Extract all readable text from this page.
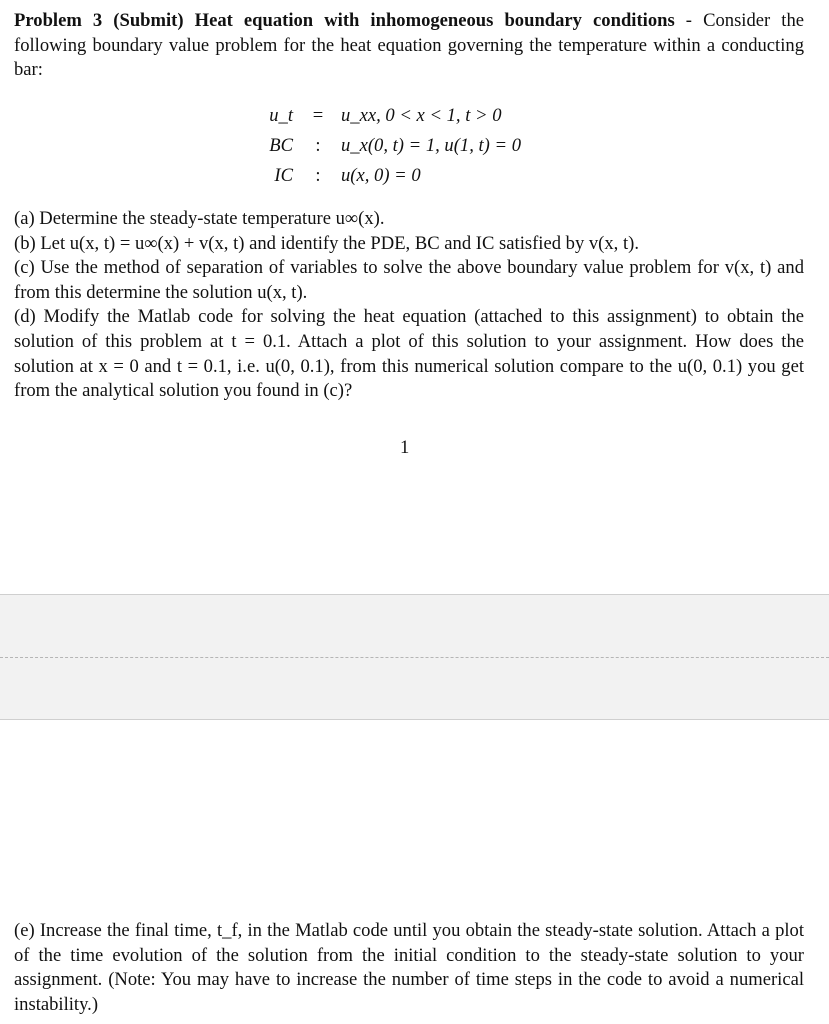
Problem 3 (Submit) Heat equation with inhomogeneous boundary conditions - Consider the following boundary value problem for the heat equation governing the temperature within a conducting bar:
u_t	=	u_xx, 0 < x < 1, t > 0
BC	:	u_x(0, t) = 1, u(1, t) = 0
IC	:	u(x, 0) = 0

(a) Determine the steady-state temperature u∞(x).

(b) Let u(x, t) = u∞(x) + v(x, t) and identify the PDE, BC and IC satisfied by v(x, t).

(c) Use the method of separation of variables to solve the above boundary value problem for v(x, t) and from this determine the solution u(x, t).

(d) Modify the Matlab code for solving the heat equation (attached to this assignment) to obtain the solution of this problem at t = 0.1. Attach a plot of this solution to your assignment. How does the solution at x = 0 and t = 0.1, i.e. u(0, 0.1), from this numerical solution compare to the u(0, 0.1) you get from the analytical solution you found in (c)?

1
(e) Increase the final time, t_f, in the Matlab code until you obtain the steady-state solution. Attach a plot of the time evolution of the solution from the initial condition to the steady-state solution to your assignment. (Note: You may have to increase the number of time steps in the code to avoid a numerical instability.)
